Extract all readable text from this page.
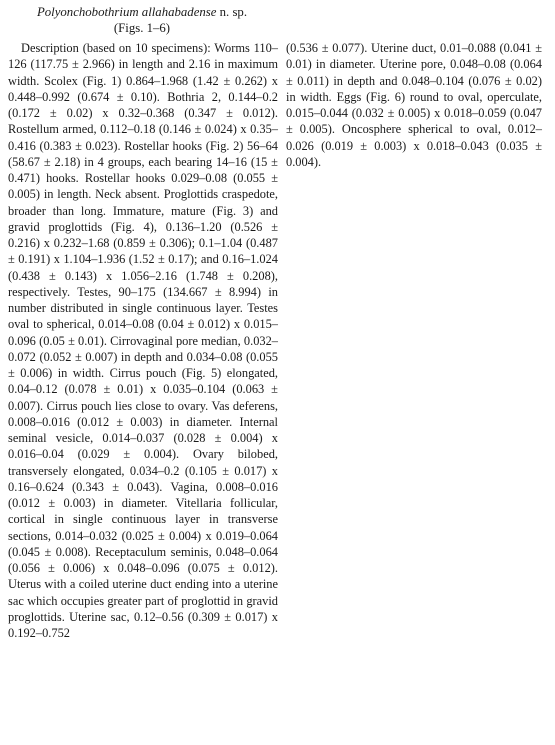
Polyonchobothrium allahabadense n. sp.
(Figs. 1–6)

Description (based on 10 specimens): Worms 110–126 (117.75 ± 2.966) in length and 2.16 in maximum width. Scolex (Fig. 1) 0.864–1.968 (1.42 ± 0.262) x 0.448–0.992 (0.674 ± 0.10). Bothria 2, 0.144–0.2 (0.172 ± 0.02) x 0.32–0.368 (0.347 ± 0.012). Rostellum armed, 0.112–0.18 (0.146 ± 0.024) x 0.35–0.416 (0.383 ± 0.023). Rostellar hooks (Fig. 2) 56–64 (58.67 ± 2.18) in 4 groups, each bearing 14–16 (15 ± 0.471) hooks. Rostellar hooks 0.029–0.08 (0.055 ± 0.005) in length. Neck absent. Proglottids craspedote, broader than long. Immature, mature (Fig. 3) and gravid proglottids (Fig. 4), 0.136–1.20 (0.526 ± 0.216) x 0.232–1.68 (0.859 ± 0.306); 0.1–1.04 (0.487 ± 0.191) x 1.104–1.936 (1.52 ± 0.17); and 0.16–1.024 (0.438 ± 0.143) x 1.056–2.16 (1.748 ± 0.208), respectively. Testes, 90–175 (134.667 ± 8.994) in number distributed in single continuous layer. Testes oval to spherical, 0.014–0.08 (0.04 ± 0.012) x 0.015–0.096 (0.05 ± 0.01). Cirrovaginal pore median, 0.032–0.072 (0.052 ± 0.007) in depth and 0.034–0.08 (0.055 ± 0.006) in width. Cirrus pouch (Fig. 5) elongated, 0.04–0.12 (0.078 ± 0.01) x 0.035–0.104 (0.063 ± 0.007). Cirrus pouch lies close to ovary. Vas deferens, 0.008–0.016 (0.012 ± 0.003) in diameter. Internal seminal vesicle, 0.014–0.037 (0.028 ± 0.004) x 0.016–0.04 (0.029 ± 0.004). Ovary bilobed, transversely elongated, 0.034–0.2 (0.105 ± 0.017) x 0.16–0.624 (0.343 ± 0.043). Vagina, 0.008–0.016 (0.012 ± 0.003) in diameter. Vitellaria follicular, cortical in single continuous layer in transverse sections, 0.014–0.032 (0.025 ± 0.004) x 0.019–0.064 (0.045 ± 0.008). Receptaculum seminis, 0.048–0.064 (0.056 ± 0.006) x 0.048–0.096 (0.075 ± 0.012). Uterus with a coiled uterine duct ending into a uterine sac which occupies greater part of proglottid in gravid proglottids. Uterine sac, 0.12–0.56 (0.309 ± 0.017) x 0.192–0.752

(0.536 ± 0.077). Uterine duct, 0.01–0.088 (0.041 ± 0.01) in diameter. Uterine pore, 0.048–0.08 (0.064 ± 0.011) in depth and 0.048–0.104 (0.076 ± 0.02) in width. Eggs (Fig. 6) round to oval, operculate, 0.015–0.044 (0.032 ± 0.005) x 0.018–0.059 (0.047 ± 0.005). Oncosphere spherical to oval, 0.012–0.026 (0.019 ± 0.003) x 0.018–0.043 (0.035 ± 0.004).
